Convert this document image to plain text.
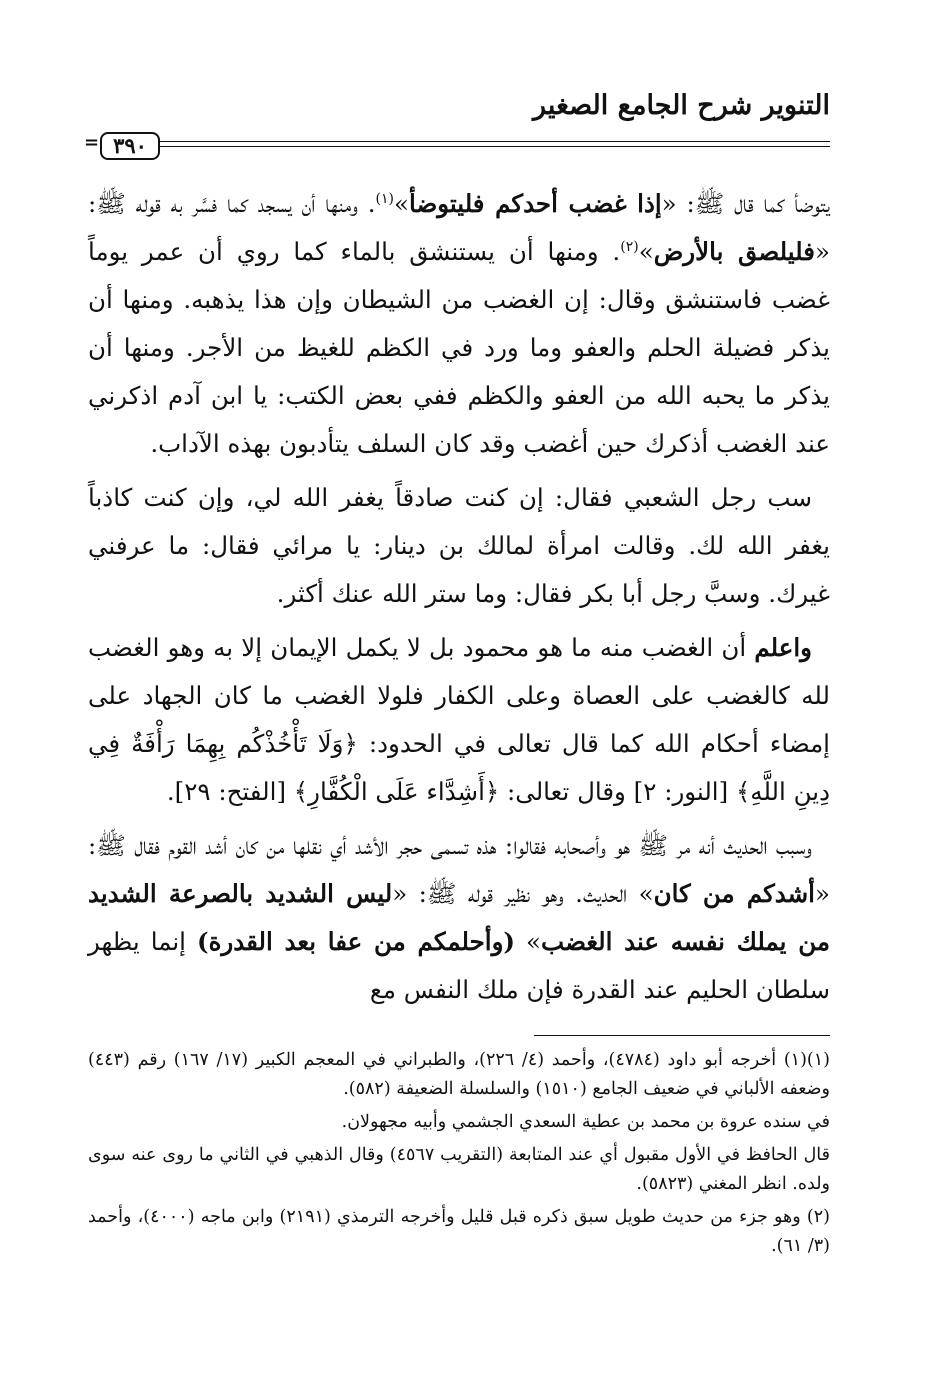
التنوير شرح الجامع الصغير
٣٩٠
=

يتوضأ كما قال ﷺ: «إذا غضب أحدكم فليتوضأ»$^{(١)}$. ومنها أن يسجد كما فسَّر به قوله ﷺ: «فليلصق بالأرض»$^{(٢)}$. ومنها أن يستنشق بالماء كما روي أن عمر يوماً غضب فاستنشق وقال: إن الغضب من الشيطان وإن هذا يذهبه. ومنها أن يذكر فضيلة الحلم والعفو وما ورد في الكظم للغيظ من الأجر. ومنها أن يذكر ما يحبه الله من العفو والكظم ففي بعض الكتب: يا ابن آدم اذكرني عند الغضب أذكرك حين أغضب وقد كان السلف يتأدبون بهذه الآداب.

سب رجل الشعبي فقال: إن كنت صادقاً يغفر الله لي، وإن كنت كاذباً يغفر الله لك. وقالت امرأة لمالك بن دينار: يا مرائي فقال: ما عرفني غيرك. وسبَّ رجل أبا بكر فقال: وما ستر الله عنك أكثر.

واعلم أن الغضب منه ما هو محمود بل لا يكمل الإيمان إلا به وهو الغضب لله كالغضب على العصاة وعلى الكفار فلولا الغضب ما كان الجهاد على إمضاء أحكام الله كما قال تعالى في الحدود: ﴿وَلَا تَأْخُذْكُم بِهِمَا رَأْفَةٌ فِي دِينِ اللَّهِ﴾ [النور: ٢] وقال تعالى: ﴿أَشِدَّاء عَلَى الْكُفَّارِ﴾ [الفتح: ٢٩].

وسبب الحديث أنه مر ﷺ هو وأصحابه فقالوا: هذه تسمى حجر الأشد أي نقلها من كان أشد القوم فقال ﷺ: «أشدكم من كان» الحديث. وهو نظير قوله ﷺ: «ليس الشديد بالصرعة الشديد من يملك نفسه عند الغضب» (وأحلمكم من عفا بعد القدرة) إنما يظهر سلطان الحليم عند القدرة فإن ملك النفس مع

(١)(١) أخرجه أبو داود (٤٧٨٤)، وأحمد (٤/ ٢٢٦)، والطبراني في المعجم الكبير (١٧/ ١٦٧) رقم (٤٤٣) وضعفه الألباني في ضعيف الجامع (١٥١٠) والسلسلة الضعيفة (٥٨٢).

في سنده عروة بن محمد بن عطية السعدي الجشمي وأبيه مجهولان.

قال الحافظ في الأول مقبول أي عند المتابعة (التقريب ٤٥٦٧) وقال الذهبي في الثاني ما روى عنه سوى ولده. انظر المغني (٥٨٢٣).

(٢) وهو جزء من حديث طويل سبق ذكره قبل قليل وأخرجه الترمذي (٢١٩١) وابن ماجه (٤٠٠٠)، وأحمد (٣/ ٦١).
